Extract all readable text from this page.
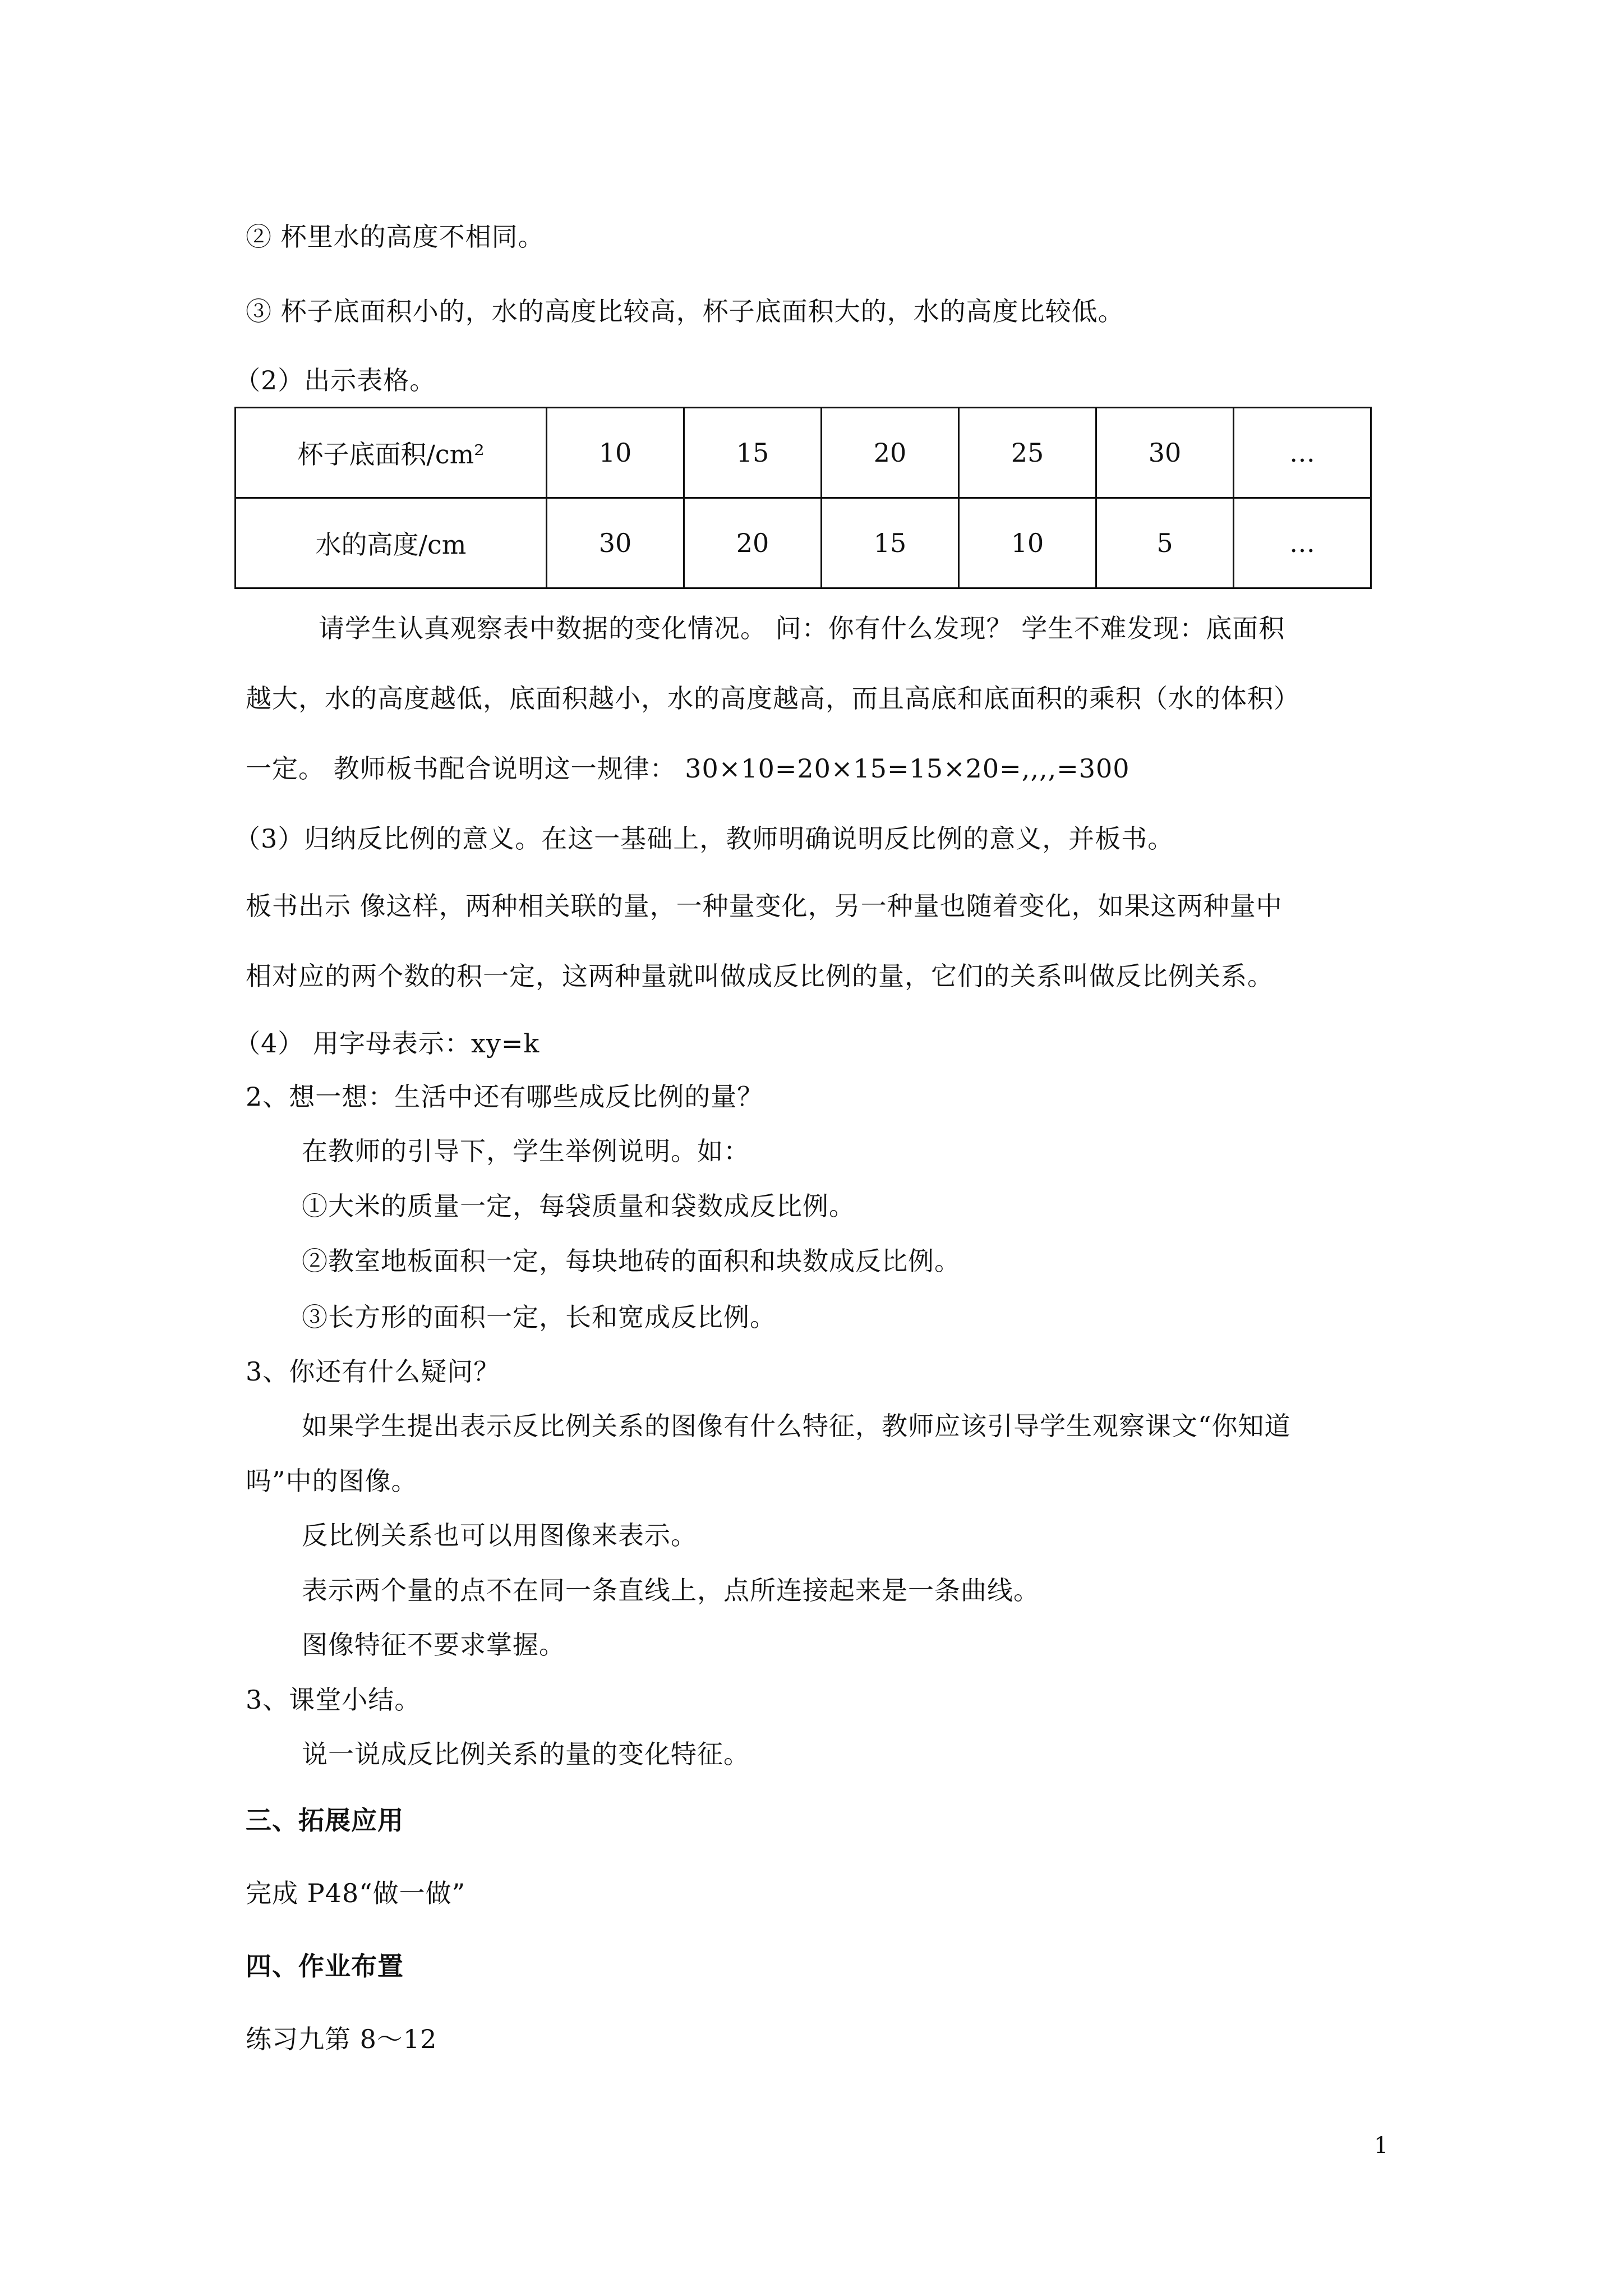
② 杯里水的高度不相同。
③ 杯子底面积小的，水的高度比较高，杯子底面积大的，水的高度比较低。
（2）出示表格。
杯子底面积/cm²	10	15	20	25	30	…
水的高度/cm	30	20	15	10	5	…
请学生认真观察表中数据的变化情况。 问：你有什么发现？ 学生不难发现：底面积
越大，水的高度越低，底面积越小，水的高度越高，而且高底和底面积的乘积（水的体积）
一定。 教师板书配合说明这一规律： 30×10=20×15=15×20=,,,,=300
（3）归纳反比例的意义。在这一基础上，教师明确说明反比例的意义，并板书。
板书出示 像这样，两种相关联的量，一种量变化，另一种量也随着变化，如果这两种量中
相对应的两个数的积一定，这两种量就叫做成反比例的量，它们的关系叫做反比例关系。
（4） 用字母表示：xy=k
2、想一想：生活中还有哪些成反比例的量？
在教师的引导下，学生举例说明。如：
①大米的质量一定，每袋质量和袋数成反比例。
②教室地板面积一定，每块地砖的面积和块数成反比例。
③长方形的面积一定，长和宽成反比例。
3、你还有什么疑问？
如果学生提出表示反比例关系的图像有什么特征，教师应该引导学生观察课文“你知道
吗”中的图像。
反比例关系也可以用图像来表示。
表示两个量的点不在同一条直线上，点所连接起来是一条曲线。
图像特征不要求掌握。
3、课堂小结。
说一说成反比例关系的量的变化特征。
三、拓展应用
完成 P48“做一做”
四、作业布置
练习九第 8～12
1
